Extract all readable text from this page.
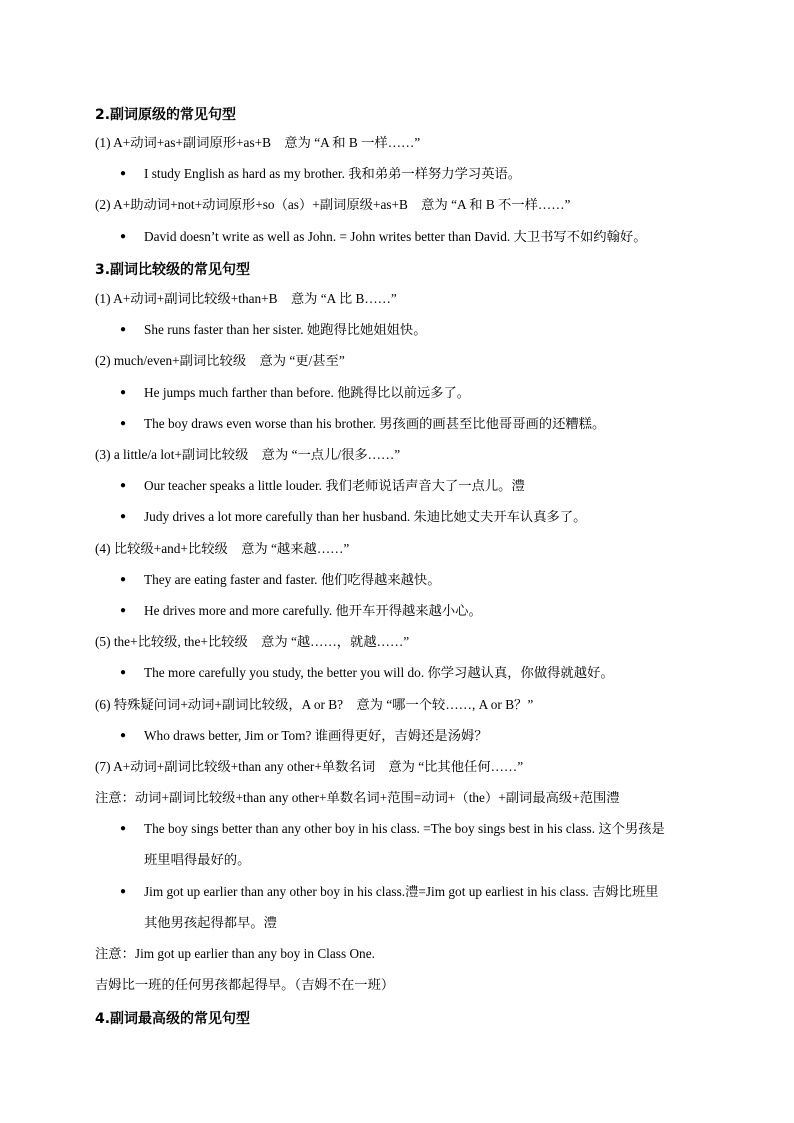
2.副词原级的常见句型
(1) A+动词+as+副词原形+as+B　意为 “A 和 B 一样……”
● I study English as hard as my brother. 我和弟弟一样努力学习英语。
(2) A+助动词+not+动词原形+so（as）+副词原级+as+B　意为 “A 和 B 不一样……”
● David doesn’t write as well as John. = John writes better than David. 大卫书写不如约翰好。
3.副词比较级的常见句型
(1) A+动词+副词比较级+than+B　意为 “A 比 B……”
● She runs faster than her sister. 她跑得比她姐姐快。
(2) much/even+副词比较级　意为 “更/甚至”
● He jumps much farther than before. 他跳得比以前远多了。
● The boy draws even worse than his brother. 男孩画的画甚至比他哥哥画的还糟糕。
(3) a little/a lot+副词比较级　意为 “一点儿/很多……”
● Our teacher speaks a little louder. 我们老师说话声音大了一点儿。澧
● Judy drives a lot more carefully than her husband. 朱迪比她丈夫开车认真多了。
(4) 比较级+and+比较级　意为 “越来越……”
● They are eating faster and faster. 他们吃得越来越快。
● He drives more and more carefully. 他开车开得越来越小心。
(5) the+比较级, the+比较级　意为 “越……，就越……”
● The more carefully you study, the better you will do. 你学习越认真，你做得就越好。
(6) 特殊疑问词+动词+副词比较级，A or B?　意为 “哪一个较……, A or B？”
● Who draws better, Jim or Tom? 谁画得更好，吉姆还是汤姆？
(7) A+动词+副词比较级+than any other+单数名词　意为 “比其他任何……”
注意：动词+副词比较级+than any other+单数名词+范围=动词+（the）+副词最高级+范围澧
● The boy sings better than any other boy in his class. =The boy sings best in his class. 这个男孩是
班里唱得最好的。
● Jim got up earlier than any other boy in his class.澧=Jim got up earliest in his class. 吉姆比班里
其他男孩起得都早。澧
注意：Jim got up earlier than any boy in Class One.
吉姆比一班的任何男孩都起得早。（吉姆不在一班）
4.副词最高级的常见句型
